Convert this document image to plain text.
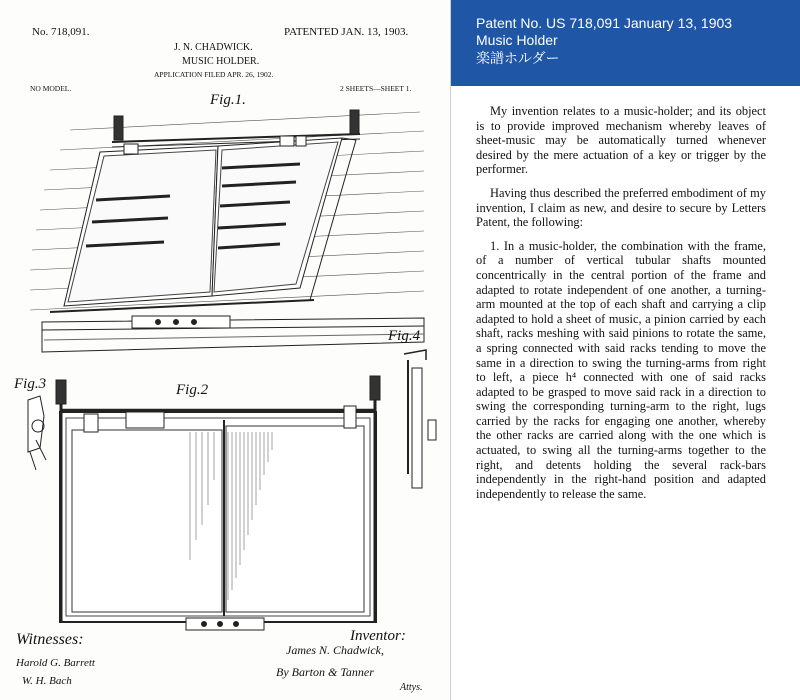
No. 718,091.	PATENTED JAN. 13, 1903.
J. N. CHADWICK.
MUSIC HOLDER.
APPLICATION FILED APR. 26, 1902.
NO MODEL.	2 SHEETS—SHEET 1.
Fig.1.
Fig.2
Fig.3
Fig.4
Witnesses:
Harold G. Barrett
W. H. Bach
Inventor:
James N. Chadwick,
By Barton & Tanner
Attys.
Patent No. US 718,091 January 13, 1903
Music Holder
楽譜ホルダー

My invention relates to a music-holder; and its object is to provide improved mechanism whereby leaves of sheet-music may be automatically turned whenever desired by the mere actuation of a key or trigger by the performer.

Having thus described the preferred embodiment of my invention, I claim as new, and desire to secure by Letters Patent, the following:

1. In a music-holder, the combination with the frame, of a number of vertical tubular shafts mounted concentrically in the central portion of the frame and adapted to rotate independent of one another, a turning-arm mounted at the top of each shaft and carrying a clip adapted to hold a sheet of music, a pinion carried by each shaft, racks meshing with said pinions to rotate the same, a spring connected with said racks tending to move the same in a direction to swing the turning-arms from right to left, a piece h⁴ connected with one of said racks adapted to be grasped to move said rack in a direction to swing the corresponding turning-arm to the right, lugs carried by the racks for engaging one another, whereby the other racks are carried along with the one which is actuated, to swing all the turning-arms together to the right, and detents holding the several rack-bars independently in the right-hand position and adapted independently to release the same.
